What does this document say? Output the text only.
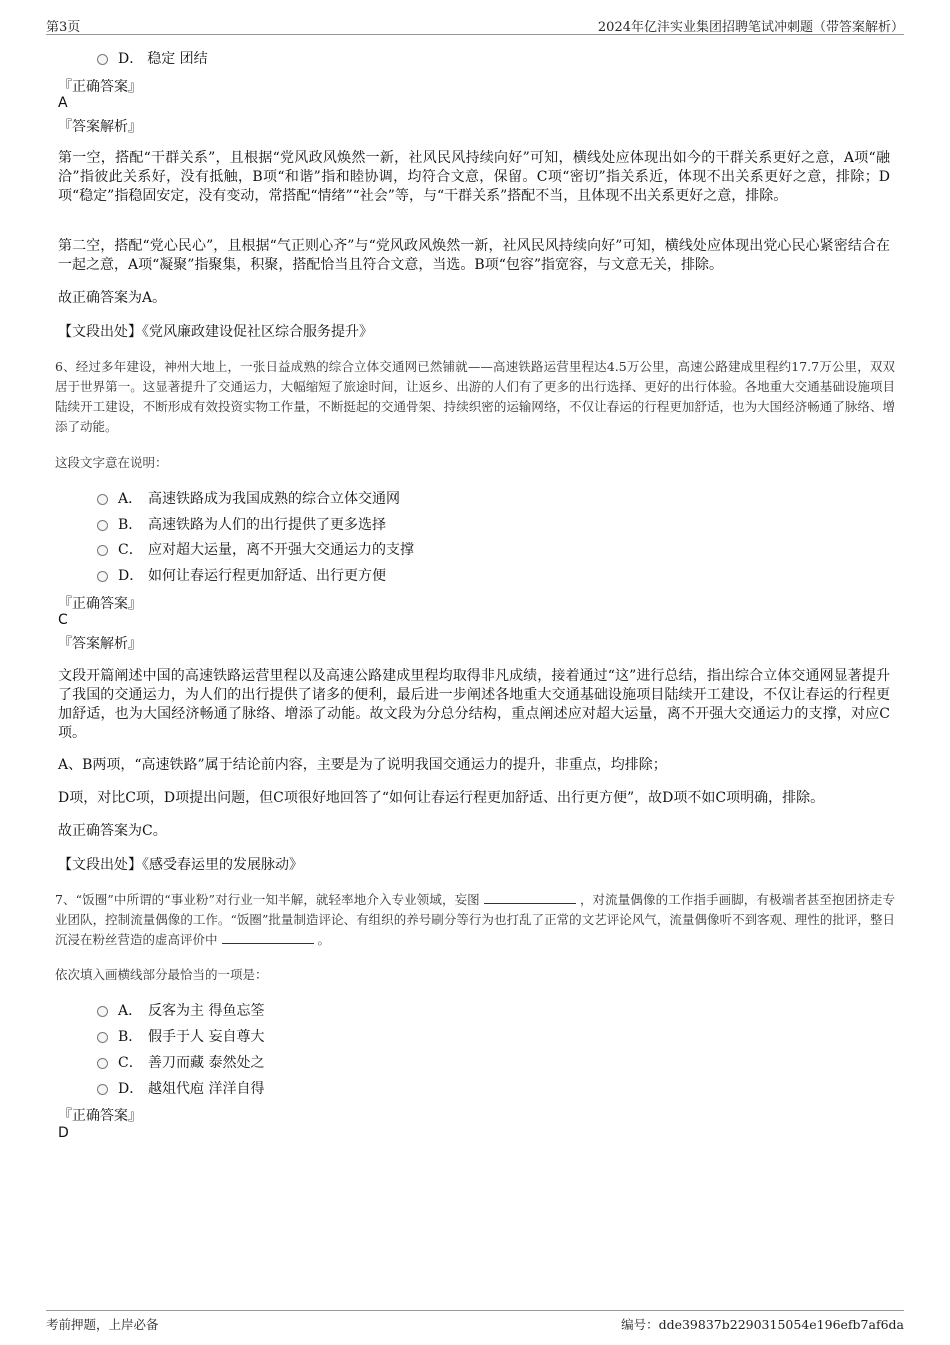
第3页	2024年亿沣实业集团招聘笔试冲刺题（带答案解析）
D． 稳定 团结
『正确答案』
A
『答案解析』
第一空，搭配“干群关系”，且根据“党风政风焕然一新，社风民风持续向好”可知，横线处应体现出如今的干群关系更好之意，A项“融洽”指彼此关系好，没有抵触，B项“和谐”指和睦协调，均符合文意，保留。C项“密切”指关系近，体现不出关系更好之意，排除；D项“稳定”指稳固安定，没有变动，常搭配“情绪”“社会”等，与“干群关系”搭配不当，且体现不出关系更好之意，排除。
第二空，搭配“党心民心”，且根据“气正则心齐”与“党风政风焕然一新，社风民风持续向好”可知，横线处应体现出党心民心紧密结合在一起之意，A项“凝聚”指聚集，积聚，搭配恰当且符合文意，当选。B项“包容”指宽容，与文意无关，排除。
故正确答案为A。
【文段出处】《党风廉政建设促社区综合服务提升》
6、经过多年建设，神州大地上，一张日益成熟的综合立体交通网已然铺就——高速铁路运营里程达4.5万公里，高速公路建成里程约17.7万公里，双双居于世界第一。这显著提升了交通运力，大幅缩短了旅途时间，让返乡、出游的人们有了更多的出行选择、更好的出行体验。各地重大交通基础设施项目陆续开工建设，不断形成有效投资实物工作量，不断挺起的交通骨架、持续织密的运输网络，不仅让春运的行程更加舒适，也为大国经济畅通了脉络、增添了动能。
这段文字意在说明：
A． 高速铁路成为我国成熟的综合立体交通网
B． 高速铁路为人们的出行提供了更多选择
C． 应对超大运量，离不开强大交通运力的支撑
D． 如何让春运行程更加舒适、出行更方便
『正确答案』
C
『答案解析』
文段开篇阐述中国的高速铁路运营里程以及高速公路建成里程均取得非凡成绩，接着通过“这”进行总结，指出综合立体交通网显著提升了我国的交通运力，为人们的出行提供了诸多的便利，最后进一步阐述各地重大交通基础设施项目陆续开工建设，不仅让春运的行程更加舒适，也为大国经济畅通了脉络、增添了动能。故文段为分总分结构，重点阐述应对超大运量，离不开强大交通运力的支撑，对应C项。
A、B两项，“高速铁路”属于结论前内容，主要是为了说明我国交通运力的提升，非重点，均排除；
D项，对比C项，D项提出问题，但C项很好地回答了“如何让春运行程更加舒适、出行更方便”，故D项不如C项明确，排除。
故正确答案为C。
【文段出处】《感受春运里的发展脉动》
7、“饭圈”中所谓的“事业粉”对行业一知半解，就轻率地介入专业领域，妄图	，对流量偶像的工作指手画脚，有极端者甚至抱团挤走专业团队，控制流量偶像的工作。“饭圈”批量制造评论、有组织的养号刷分等行为也打乱了正常的文艺评论风气，流量偶像听不到客观、理性的批评，整日沉浸在粉丝营造的虚高评价中	。
依次填入画横线部分最恰当的一项是：
A． 反客为主 得鱼忘筌
B． 假手于人 妄自尊大
C． 善刀而藏 泰然处之
D． 越俎代庖 洋洋自得
『正确答案』
D
考前押题，上岸必备	编号：dde39837b2290315054e196efb7af6da
